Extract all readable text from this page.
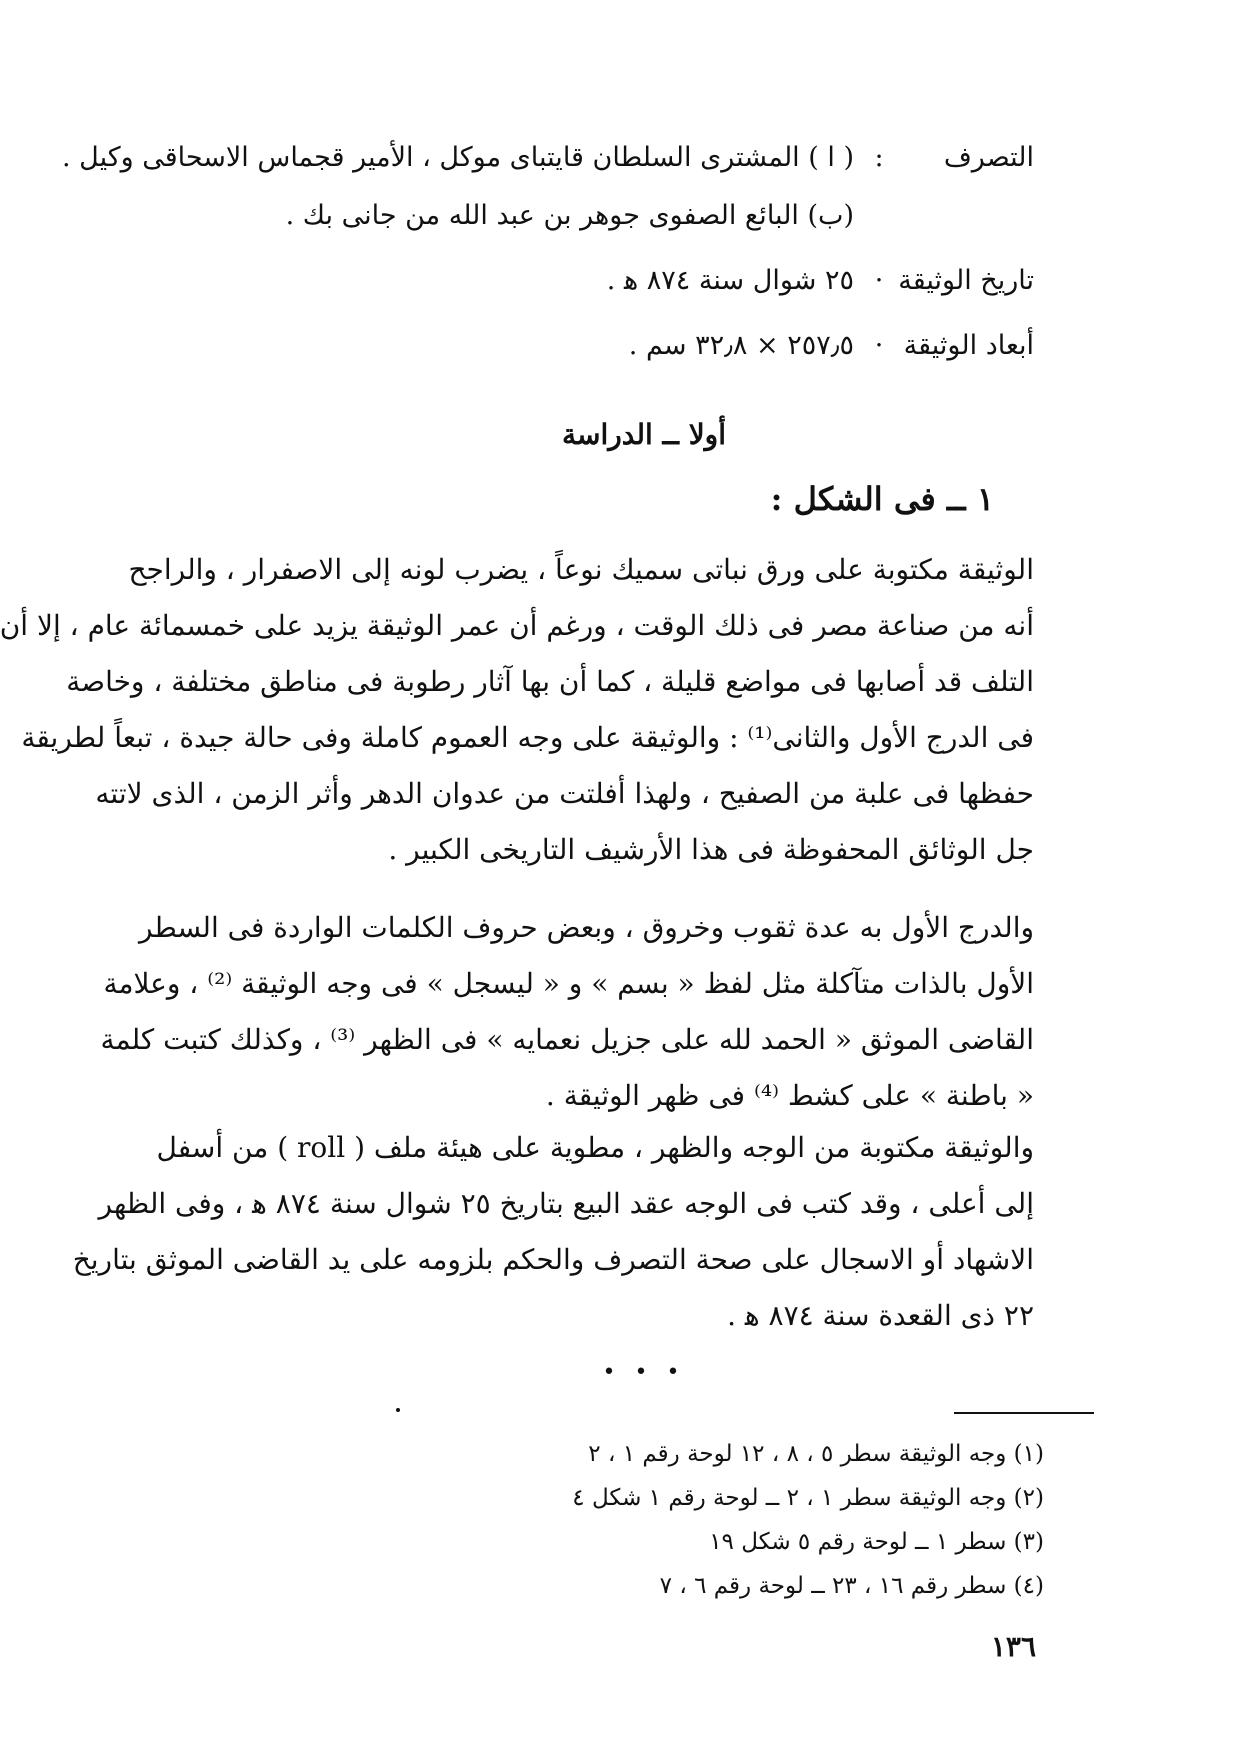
التصرف
:
( ا ) المشترى السلطان قايتباى موكل ، الأمير قجماس الاسحاقى وكيل .
(ب) البائع الصفوى جوهر بن عبد الله من جانى بك .
تاريخ الوثيقة
·
٢٥ شوال سنة ٨٧٤ ﻫ .
أبعاد الوثيقة
·
٢٥٧٫٥ × ٣٢٫٨ سم .
أولا ــ الدراسة
١ ــ فى الشكل :
الوثيقة مكتوبة على ورق نباتى سميك نوعاً ، يضرب لونه إلى الاصفرار ، والراجح
أنه من صناعة مصر فى ذلك الوقت ، ورغم أن عمر الوثيقة يزيد على خمسمائة عام ، إلا أن
التلف قد أصابها فى مواضع قليلة ، كما أن بها آثار رطوبة فى مناطق مختلفة ، وخاصة
فى الدرج الأول والثانى⁽¹⁾ : والوثيقة على وجه العموم كاملة وفى حالة جيدة ، تبعاً لطريقة
حفظها فى علبة من الصفيح ، ولهذا أفلتت من عدوان الدهر وأثر الزمن ، الذى لاتته
جل الوثائق المحفوظة فى هذا الأرشيف التاريخى الكبير .
والدرج الأول به عدة ثقوب وخروق ، وبعض حروف الكلمات الواردة فى السطر
الأول بالذات متآكلة مثل لفظ « بسم » و « ليسجل » فى وجه الوثيقة ⁽²⁾ ، وعلامة
القاضى الموثق « الحمد لله على جزيل نعمايه » فى الظهر ⁽³⁾ ، وكذلك كتبت كلمة
« باطنة » على كشط ⁽⁴⁾ فى ظهر الوثيقة .
والوثيقة مكتوبة من الوجه والظهر ، مطوية على هيئة ملف ( roll ) من أسفل
إلى أعلى ، وقد كتب فى الوجه عقد البيع بتاريخ ٢٥ شوال سنة ٨٧٤ ﻫ ، وفى الظهر
الاشهاد أو الاسجال على صحة التصرف والحكم بلزومه على يد القاضى الموثق بتاريخ
٢٢ ذى القعدة سنة ٨٧٤ ﻫ .
• • •
(١) وجه الوثيقة سطر ٥ ، ٨ ، ١٢ لوحة رقم ١ ، ٢
(٢) وجه الوثيقة سطر ١ ، ٢ ــ لوحة رقم ١ شكل ٤
(٣) سطر ١ ــ لوحة رقم ٥ شكل ١٩
(٤) سطر رقم ١٦ ، ٢٣ ــ لوحة رقم ٦ ، ٧
١٣٦
